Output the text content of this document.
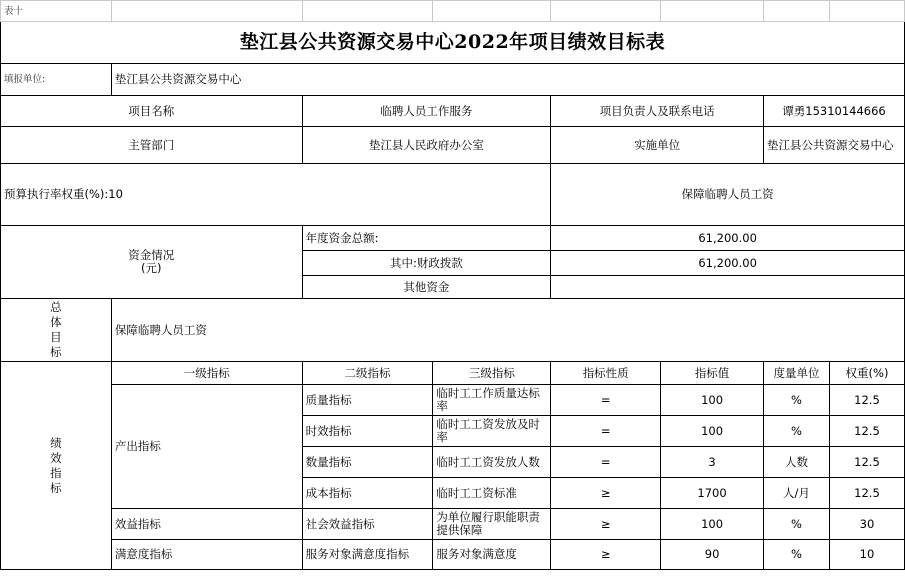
表十							
垫江县公共资源交易中心2022年项目绩效目标表							
填报单位:	垫江县公共资源交易中心						
项目名称		临聘人员工作服务		项目负责人及联系电话		谭勇15310144666	
主管部门		垫江县人民政府办公室		实施单位		垫江县公共资源交易中心	
预算执行率权重(%):10				保障临聘人员工资			

资金情况
(元)		年度资金总额:		61,200.00			
		其中:财政拨款		61,200.00			
		其他资金					

总
体
目
标	保障临聘人员工资						

绩
效
指
标	一级指标	二级指标	三级指标	指标性质	指标值	度量单位	权重(%)
	产出指标	质量指标	临时工工作质量达标率	=	100	%	12.5
		时效指标	临时工工资发放及时率	=	100	%	12.5
		数量指标	临时工工资发放人数	=	3	人数	12.5
		成本指标	临时工工资标准	≥	1700	人/月	12.5
	效益指标	社会效益指标	为单位履行职能职责提供保障	≥	100	%	30
	满意度指标	服务对象满意度指标	服务对象满意度	≥	90	%	10
